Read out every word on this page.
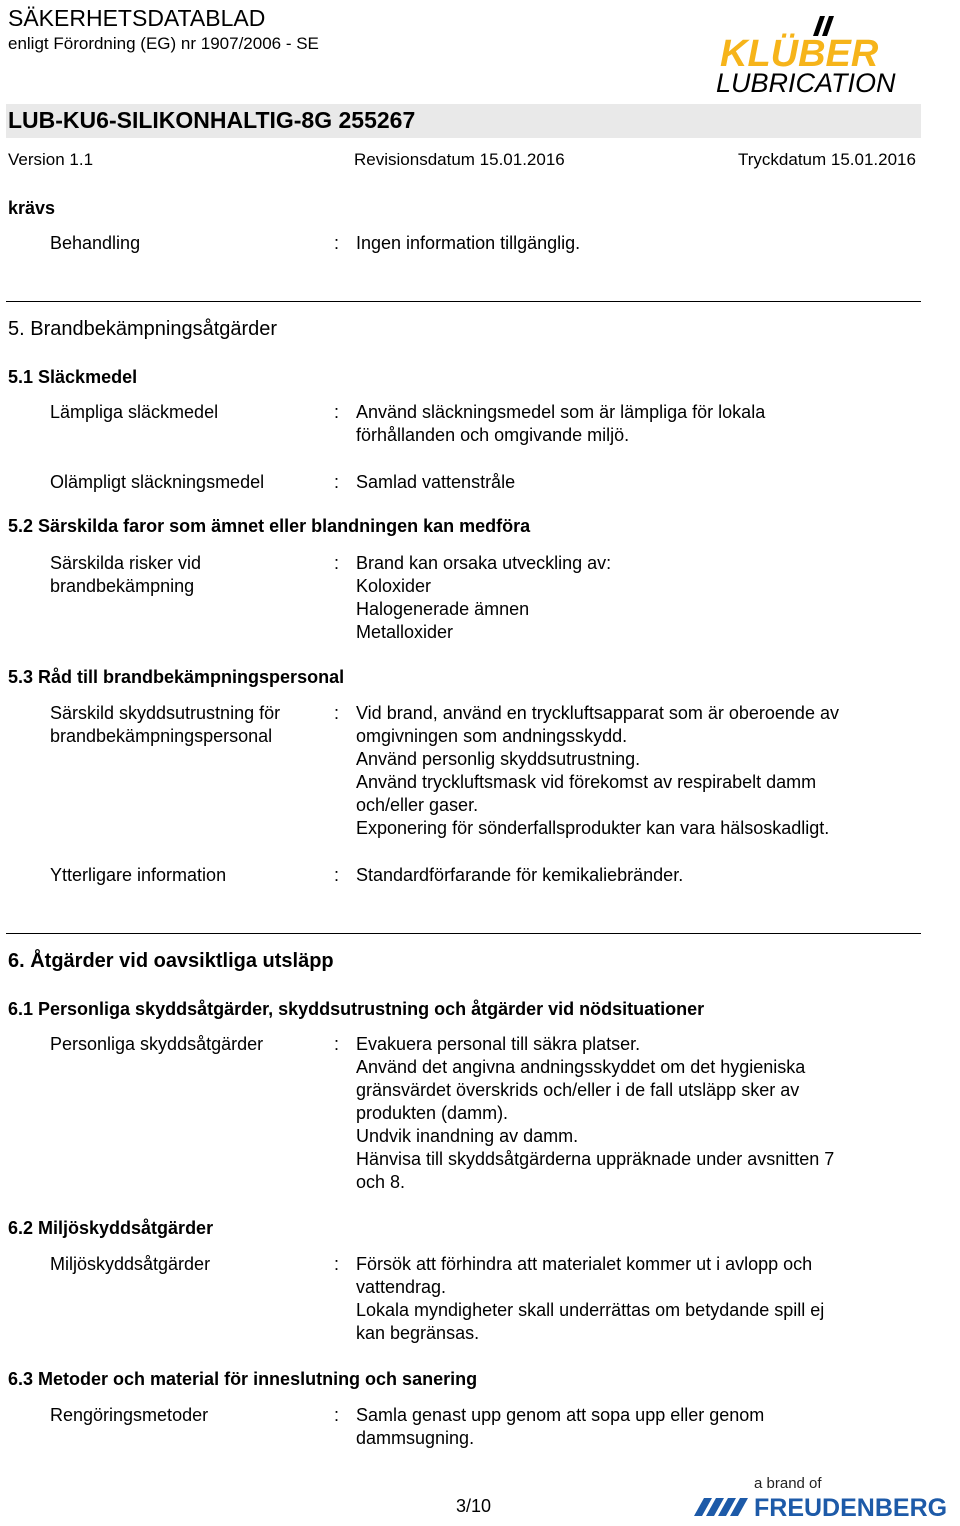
SÄKERHETSDATABLAD
enligt Förordning (EG) nr 1907/2006 - SE	KLÜBER
LUBRICATION
LUB-KU6-SILIKONHALTIG-8G 255267
Version 1.1	Revisionsdatum 15.01.2016	Tryckdatum 15.01.2016
krävs
Behandling	: Ingen information tillgänglig.
5. Brandbekämpningsåtgärder
5.1 Släckmedel
Lämpliga släckmedel	: Använd släckningsmedel som är lämpliga för lokala
förhållanden och omgivande miljö.
Olämpligt släckningsmedel	: Samlad vattenstråle
5.2 Särskilda faror som ämnet eller blandningen kan medföra
Särskilda risker vid
brandbekämpning
: Brand kan orsaka utveckling av:
Koloxider
Halogenerade ämnen
Metalloxider
5.3 Råd till brandbekämpningspersonal
Särskild skyddsutrustning för
brandbekämpningspersonal
: Vid brand, använd en tryckluftsapparat som är oberoende av
omgivningen som andningsskydd.
Använd personlig skyddsutrustning.
Använd tryckluftsmask vid förekomst av respirabelt damm
och/eller gaser.
Exponering för sönderfallsprodukter kan vara hälsoskadligt.
Ytterligare information	: Standardförfarande för kemikaliebränder.
6. Åtgärder vid oavsiktliga utsläpp
6.1 Personliga skyddsåtgärder, skyddsutrustning och åtgärder vid nödsituationer
Personliga skyddsåtgärder	: Evakuera personal till säkra platser.
Använd det angivna andningsskyddet om det hygieniska
gränsvärdet överskrids och/eller i de fall utsläpp sker av
produkten (damm).
Undvik inandning av damm.
Hänvisa till skyddsåtgärderna uppräknade under avsnitten 7
och 8.
6.2 Miljöskyddsåtgärder
Miljöskyddsåtgärder	: Försök att förhindra att materialet kommer ut i avlopp och
vattendrag.
Lokala myndigheter skall underrättas om betydande spill ej
kan begränsas.
6.3 Metoder och material för inneslutning och sanering
Rengöringsmetoder	: Samla genast upp genom att sopa upp eller genom
dammsugning.
3/10
a brand of
FREUDENBERG
